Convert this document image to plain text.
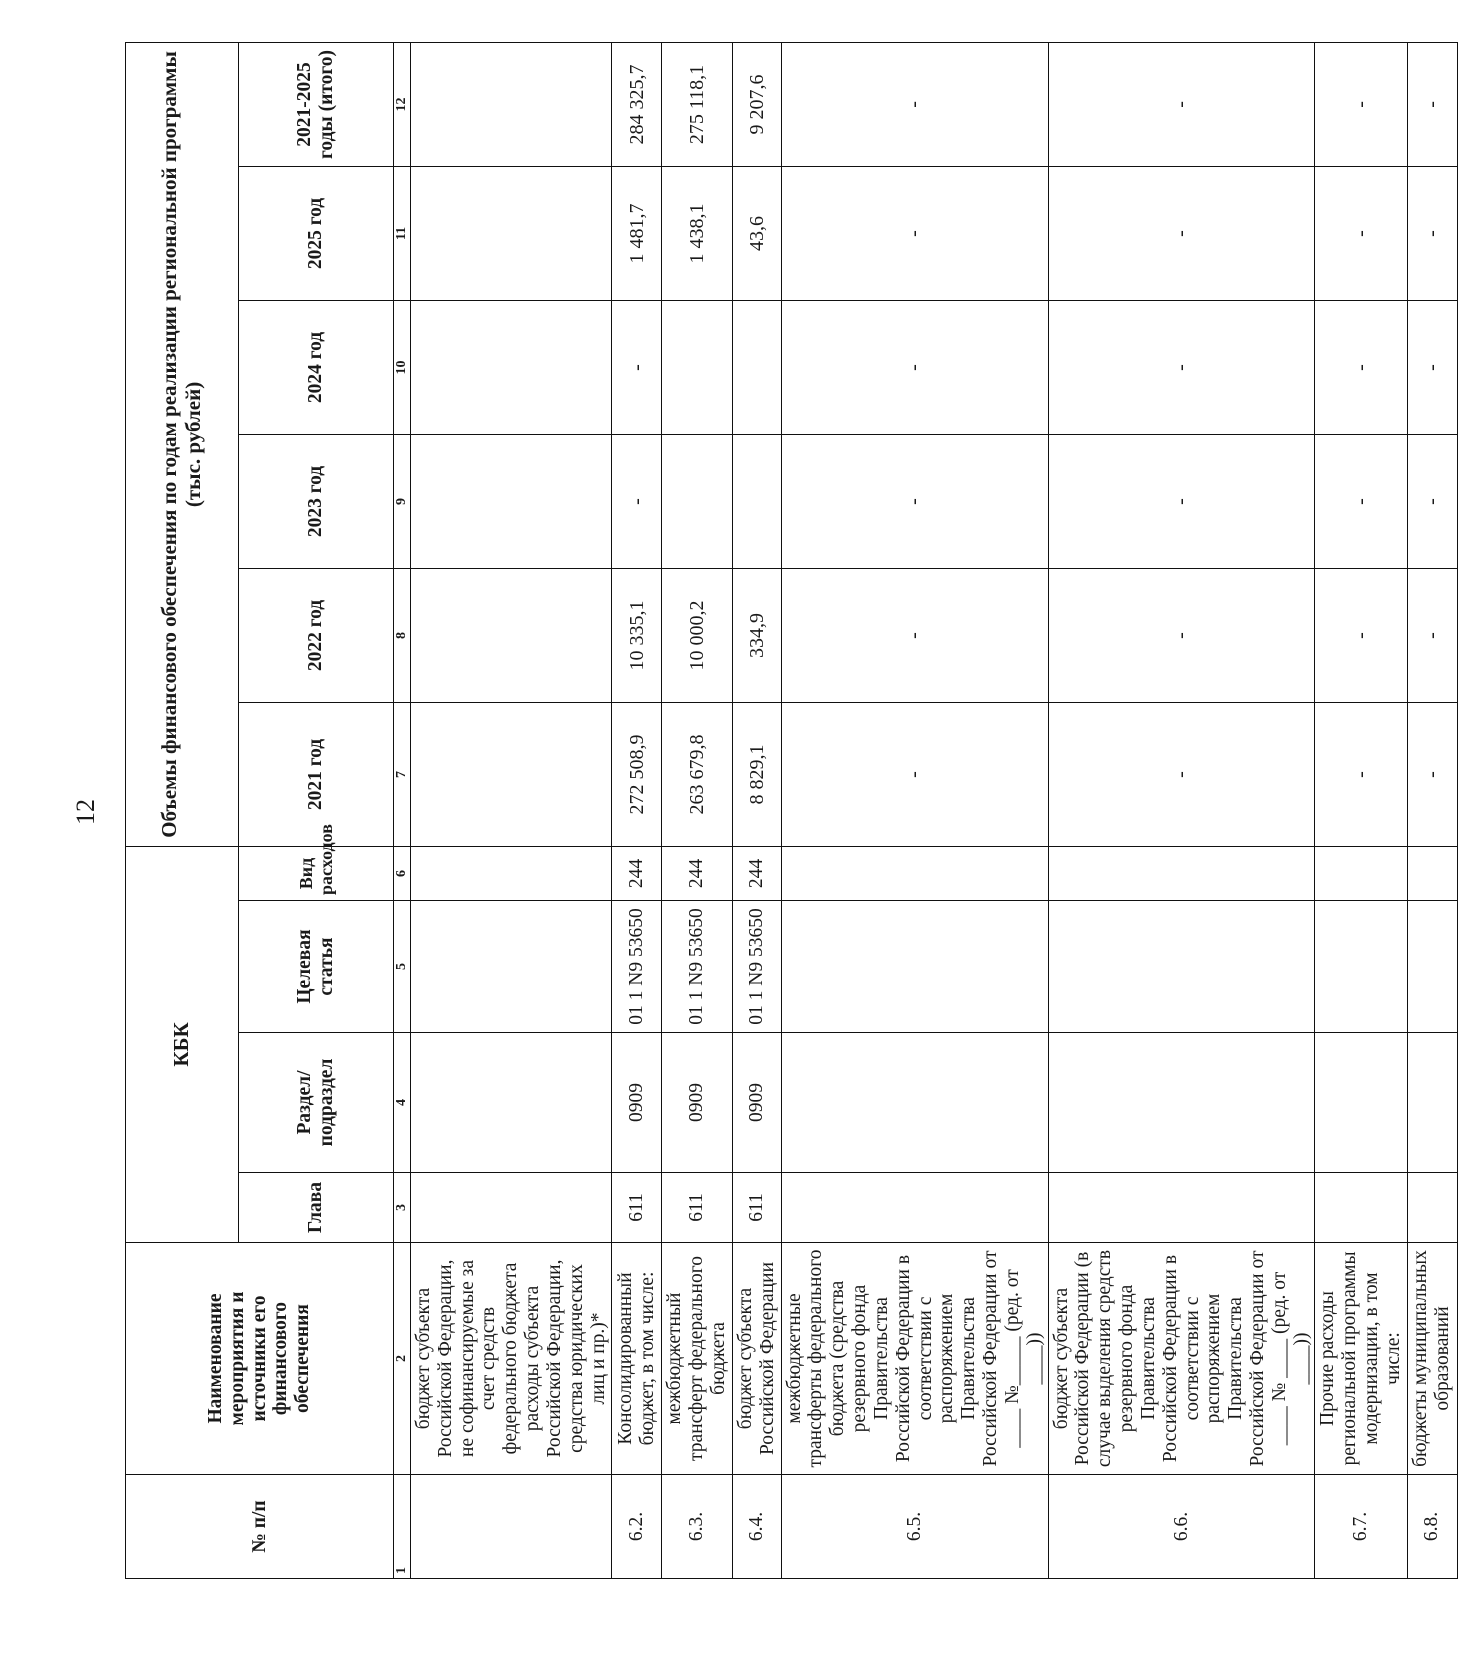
12
№ п/п	Наименование мероприятия и источники его финансового обеспечения	КБК				Объемы финансового обеспечения по годам реализации региональной программы (тыс. рублей)					
		Глава	Раздел/ подраздел	Целевая статья	Вид расходов	2021 год	2022 год	2023 год	2024 год	2025 год	2021-2025 годы (итого)
1	2	3	4	5	6	7	8	9	10	11	12
	бюджет субъекта Российской Федерации, не софинансируемые за счет средств федерального бюджета расходы субъекта Российской Федерации, средства юридических лиц и пр.)*										
6.2.	Консолидированный бюджет, в том числе:	611	0909	01 1 N9 53650	244	272 508,9	10 335,1	-	-	1 481,7	284 325,7
6.3.	межбюджетный трансферт федерального бюджета	611	0909	01 1 N9 53650	244	263 679,8	10 000,2			1 438,1	275 118,1
6.4.	бюджет субъекта Российской Федерации	611	0909	01 1 N9 53650	244	8 829,1	334,9			43,6	9 207,6
6.5.	межбюджетные трансферты федерального бюджета (средства резервного фонда Правительства Российской Федерации в соответствии с распоряжением Правительства Российской Федерации от ____ №_____ (ред. от ____))					-	-	-	-	-	-
6.6.	бюджет субъекта Российской Федерации (в случае выделения средств резервного фонда Правительства Российской Федерации в соответствии с распоряжением Правительства Российской Федерации от ____ № ____ (ред. от ____))					-	-	-	-	-	-
6.7.	Прочие расходы региональной программы модернизации, в том числе:					-	-	-	-	-	-
6.8.	бюджеты муниципальных образований					-	-	-	-	-	-
